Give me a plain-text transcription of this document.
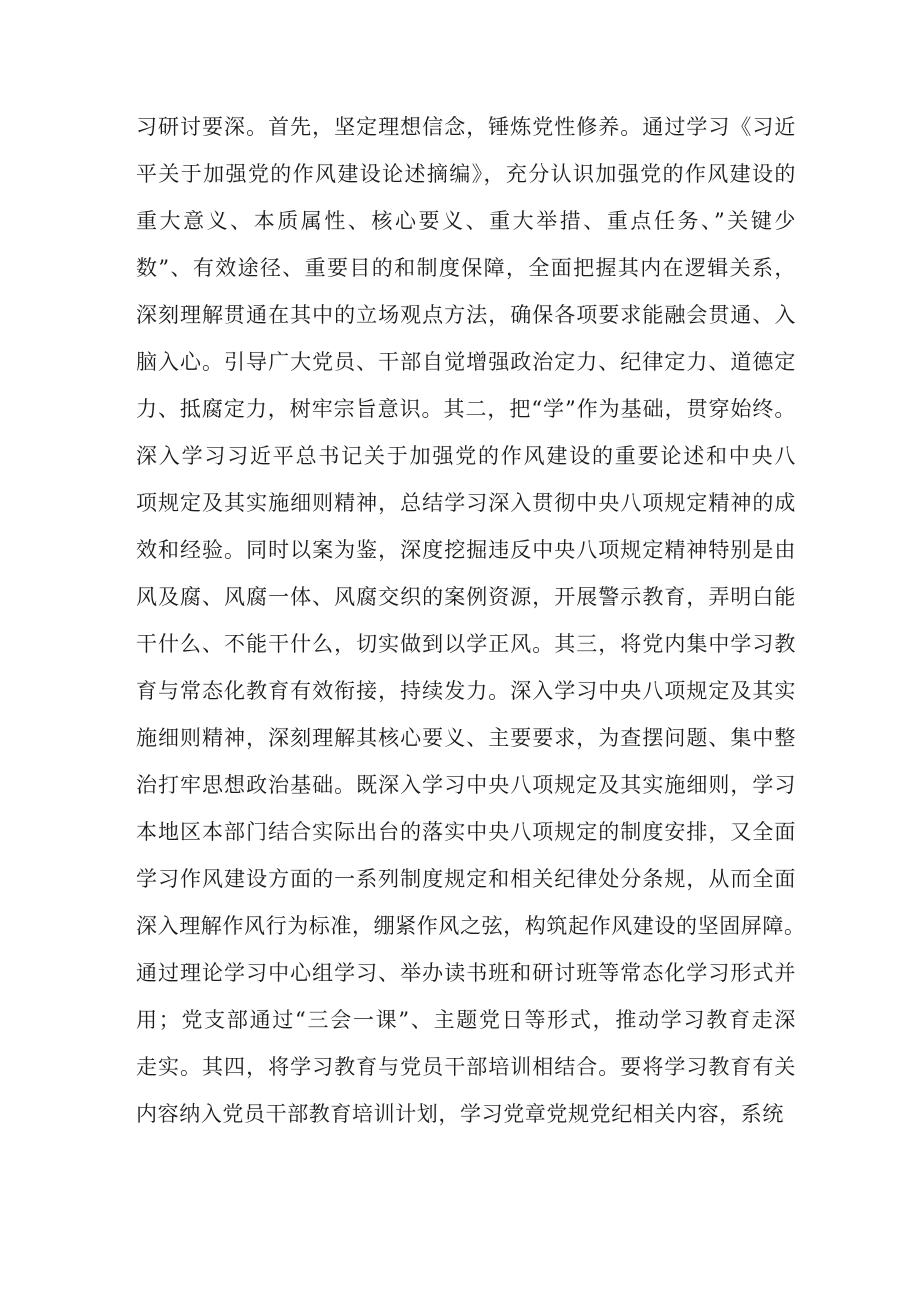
习研讨要深。首先，坚定理想信念，锤炼党性修养。通过学习《习近
平关于加强党的作风建设论述摘编》，充分认识加强党的作风建设的
重大意义、本质属性、核心要义、重大举措、重点任务、”关键少
数”、有效途径、重要目的和制度保障，全面把握其内在逻辑关系，
深刻理解贯通在其中的立场观点方法，确保各项要求能融会贯通、入
脑入心。引导广大党员、干部自觉增强政治定力、纪律定力、道德定
力、抵腐定力，树牢宗旨意识。其二，把“学”作为基础，贯穿始终。
深入学习习近平总书记关于加强党的作风建设的重要论述和中央八
项规定及其实施细则精神，总结学习深入贯彻中央八项规定精神的成
效和经验。同时以案为鉴，深度挖掘违反中央八项规定精神特别是由
风及腐、风腐一体、风腐交织的案例资源，开展警示教育，弄明白能
干什么、不能干什么，切实做到以学正风。其三，将党内集中学习教
育与常态化教育有效衔接，持续发力。深入学习中央八项规定及其实
施细则精神，深刻理解其核心要义、主要要求，为查摆问题、集中整
治打牢思想政治基础。既深入学习中央八项规定及其实施细则，学习
本地区本部门结合实际出台的落实中央八项规定的制度安排，又全面
学习作风建设方面的一系列制度规定和相关纪律处分条规，从而全面
深入理解作风行为标准，绷紧作风之弦，构筑起作风建设的坚固屏障。
通过理论学习中心组学习、举办读书班和研讨班等常态化学习形式并
用；党支部通过“三会一课”、主题党日等形式，推动学习教育走深
走实。其四，将学习教育与党员干部培训相结合。要将学习教育有关
内容纳入党员干部教育培训计划，学习党章党规党纪相关内容，系统
